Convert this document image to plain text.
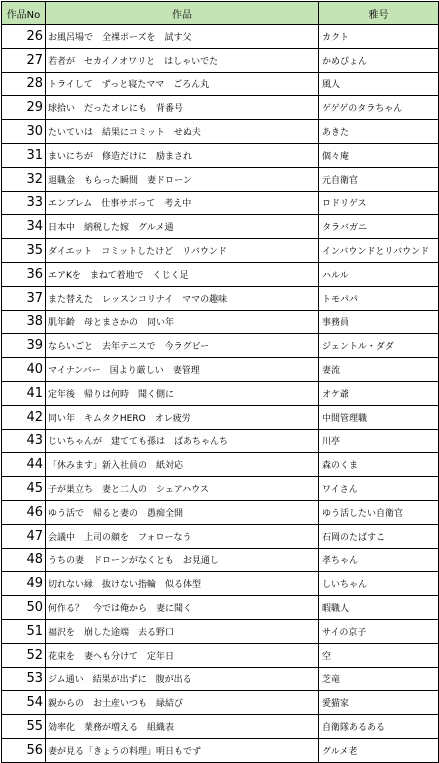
作品No	作品	雅号
26	お風呂場で　全裸ポーズを　試す父	カクト
27	若者が　セカイノオワリと　はしゃいでた	かめぴょん
28	トライして　ずっと寝たママ　ごろん丸	風人
29	球拾い　だったオレにも　背番号	ゲゲゲのタラちゃん
30	たいていは　結果にコミット　せぬ夫	あきた
31	まいにちが　修造だけに　励まされ	個々庵
32	退職金　もらった瞬間　妻ドローン	元自衛官
33	エンブレム　仕事サボって　考え中	ロドリゲス
34	日本中　納税した嫁　グルメ通	タラバガニ
35	ダイエット　コミットしたけど　リバウンド	インバウンドとリバウンド
36	エアKを　まねて着地で　くじく足	ハルル
37	また替えた　レッスンコリナイ　ママの趣味	トモパパ
38	肌年齢　母とまさかの　同い年	事務員
39	ならいごと　去年テニスで　今ラグビー	ジェントル・ダダ
40	マイナンバー　国より厳しい　妻管理	妻流
41	定年後　帰りは何時　聞く側に	オケ爺
42	同い年　キムタクHERO　オレ疲労	中間管理職
43	じいちゃんが　建てても孫は　ばあちゃんち	川亭
44	「休みます」新入社員の　紙対応	森のくま
45	子が巣立ち　妻と二人の　シェアハウス	ワイさん
46	ゆう活で　帰ると妻の　愚痴全開	ゆう活したい自衛官
47	会議中　上司の顔を　フォローなう	石岡のたばすこ
48	うちの妻　ドローンがなくとも　お見通し	孝ちゃん
49	切れない縁　抜けない指輪　似る体型	しいちゃん
50	何作る？　今では俺から　妻に聞く	暇職人
51	福沢を　崩した途端　去る野口	サイの京子
52	花束を　妻へも分けて　定年日	空
53	ジム通い　結果が出ずに　腹が出る	芝竜
54	親からの　お土産いつも　緑結び	愛猫家
55	効率化　業務が増える　組織表	自衛隊あるある
56	妻が見る「きょうの料理」明日もでず	グルメ老
